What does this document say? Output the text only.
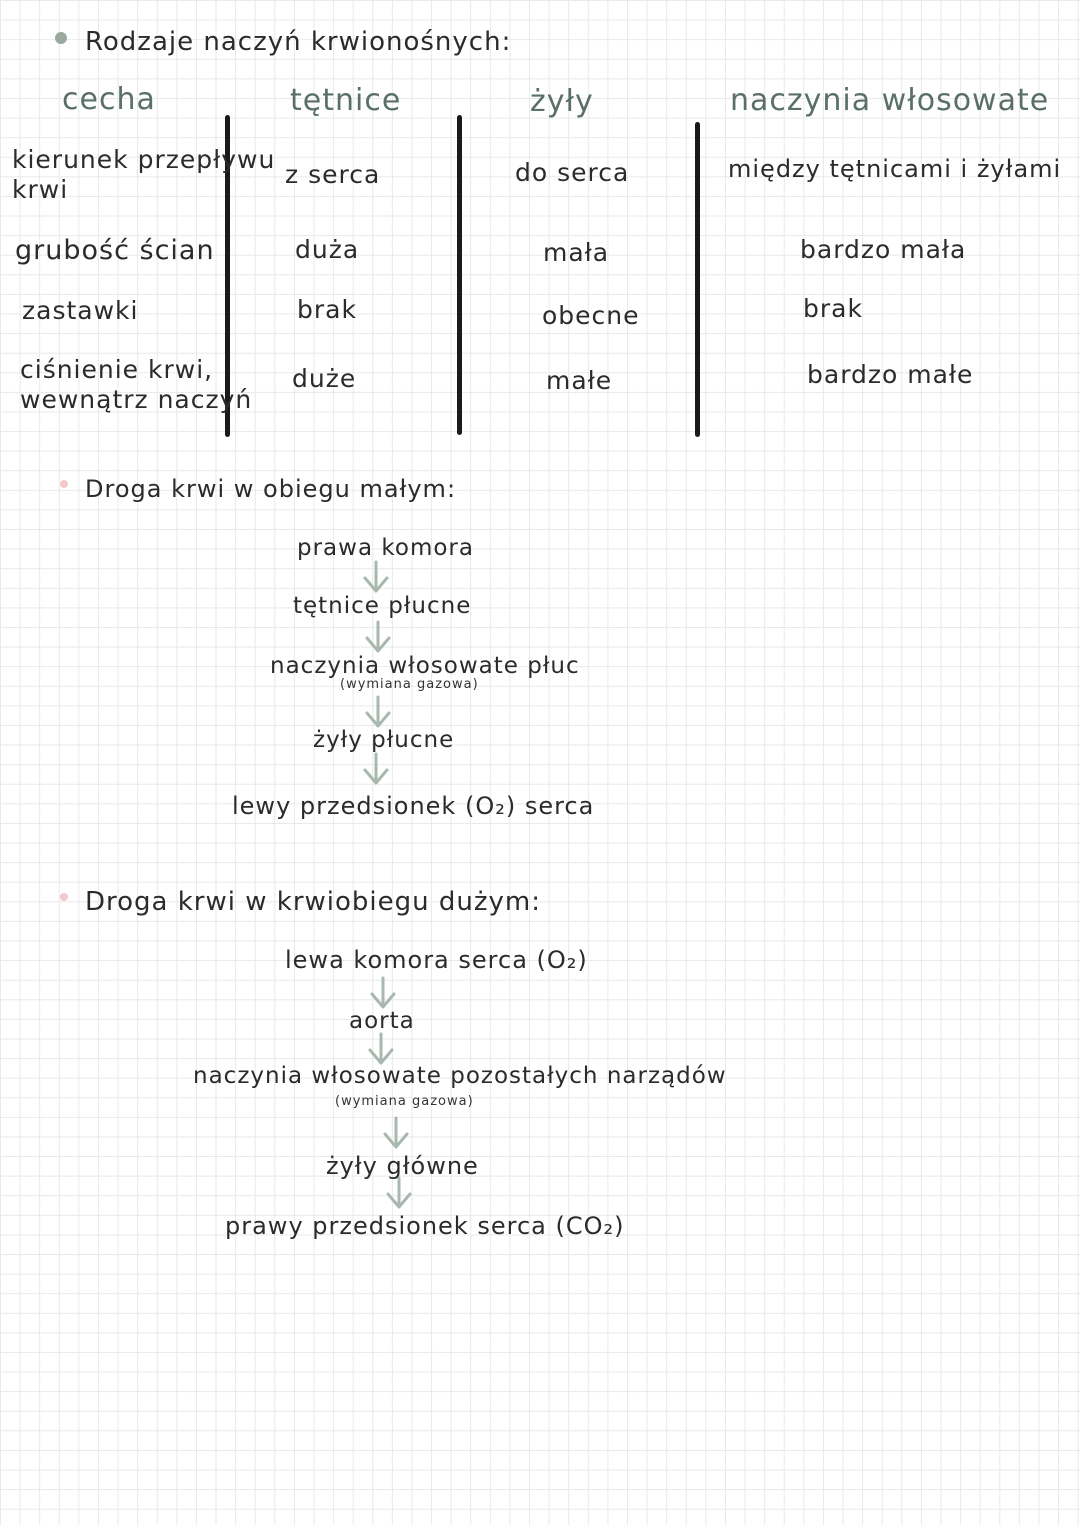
Rodzaje naczyń krwionośnych:
cecha	tętnice	żyły	naczynia włosowate
kierunek przepływu
krwi
z serca	do serca	między tętnicami i żyłami
grubość ścian	duża	mała	bardzo mała
zastawki	brak	obecne	brak
ciśnienie krwi,
wewnątrz naczyń
duże	małe	bardzo małe
Droga krwi w obiegu małym:
prawa komora
tętnice płucne
naczynia włosowate płuc
(wymiana gazowa)
żyły płucne
lewy przedsionek (O₂) serca
Droga krwi w krwiobiegu dużym:
lewa komora serca (O₂)
aorta
naczynia włosowate pozostałych narządów
(wymiana gazowa)
żyły główne
prawy przedsionek serca (CO₂)
